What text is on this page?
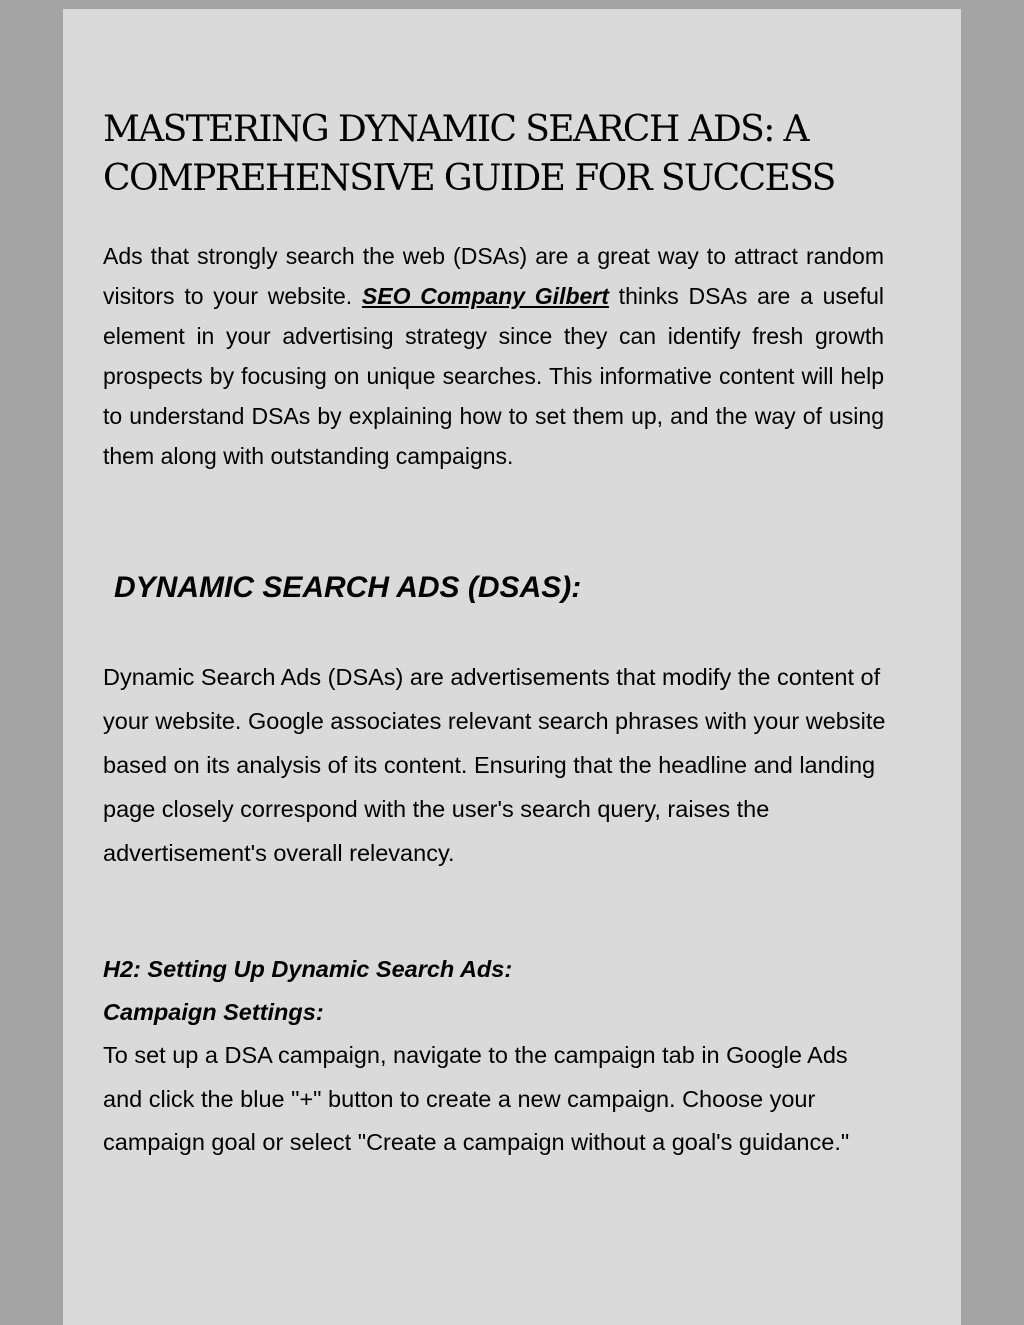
MASTERING DYNAMIC SEARCH ADS: A COMPREHENSIVE GUIDE FOR SUCCESS

Ads that strongly search the web (DSAs) are a great way to attract random visitors to your website. SEO Company Gilbert thinks DSAs are a useful element in your advertising strategy since they can identify fresh growth prospects by focusing on unique searches. This informative content will help to understand DSAs by explaining how to set them up, and the way of using them along with outstanding campaigns.

DYNAMIC SEARCH ADS (DSAS):

Dynamic Search Ads (DSAs) are advertisements that modify the content of your website. Google associates relevant search phrases with your website based on its analysis of its content. Ensuring that the headline and landing page closely correspond with the user's search query, raises the advertisement's overall relevancy.

H2: Setting Up Dynamic Search Ads:
Campaign Settings:

To set up a DSA campaign, navigate to the campaign tab in Google Ads and click the blue "+" button to create a new campaign. Choose your campaign goal or select "Create a campaign without a goal's guidance."
